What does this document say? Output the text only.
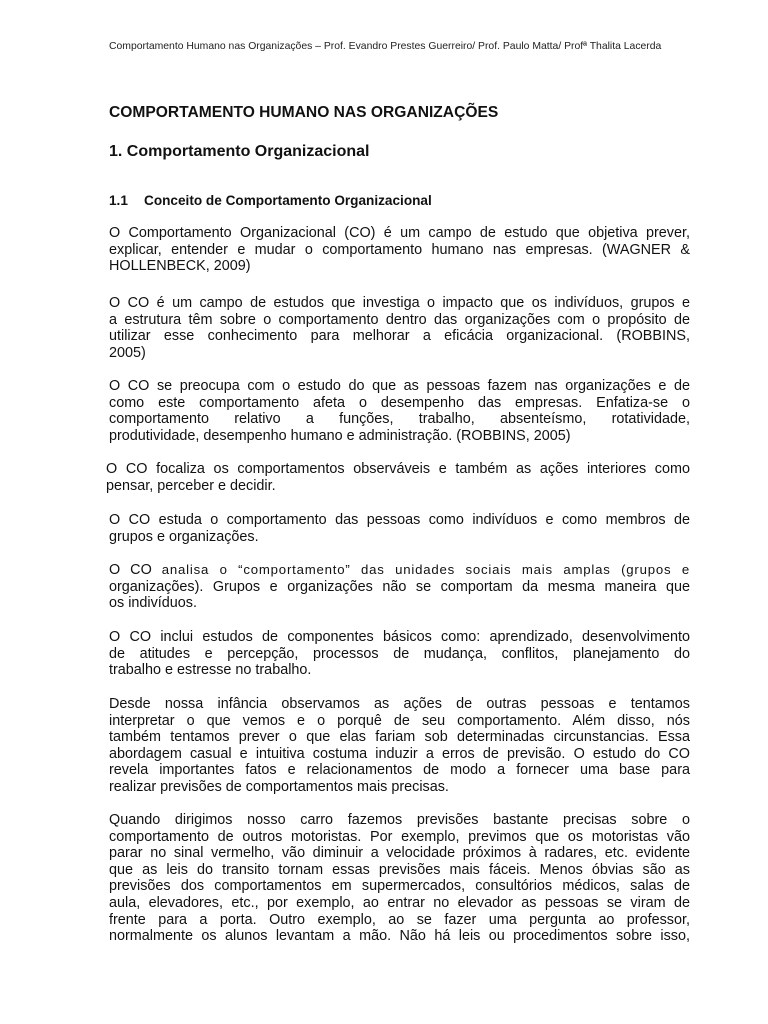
Comportamento Humano nas Organizações – Prof. Evandro Prestes Guerreiro/ Prof. Paulo Matta/ Profª Thalita Lacerda
COMPORTAMENTO HUMANO NAS ORGANIZAÇÕES
1. Comportamento Organizacional
1.1 Conceito de Comportamento Organizacional
O Comportamento Organizacional (CO) é um campo de estudo que objetiva prever,
explicar, entender e mudar o comportamento humano nas empresas. (WAGNER &
HOLLENBECK, 2009)
O CO é um campo de estudos que investiga o impacto que os indivíduos, grupos e
a estrutura têm sobre o comportamento dentro das organizações com o propósito de
utilizar esse conhecimento para melhorar a eficácia organizacional. (ROBBINS,
2005)
O CO se preocupa com o estudo do que as pessoas fazem nas organizações e de
como este comportamento afeta o desempenho das empresas. Enfatiza-se o
comportamento relativo a funções, trabalho, absenteísmo, rotatividade,
produtividade, desempenho humano e administração. (ROBBINS, 2005)
O CO focaliza os comportamentos observáveis e também as ações interiores como
pensar, perceber e decidir.
O CO estuda o comportamento das pessoas como indivíduos e como membros de
grupos e organizações.
O CO analisa o “comportamento” das unidades sociais mais amplas (grupos e
organizações). Grupos e organizações não se comportam da mesma maneira que
os indivíduos.
O CO inclui estudos de componentes básicos como: aprendizado, desenvolvimento
de atitudes e percepção, processos de mudança, conflitos, planejamento do
trabalho e estresse no trabalho.
Desde nossa infância observamos as ações de outras pessoas e tentamos
interpretar o que vemos e o porquê de seu comportamento. Além disso, nós
também tentamos prever o que elas fariam sob determinadas circunstancias. Essa
abordagem casual e intuitiva costuma induzir a erros de previsão. O estudo do CO
revela importantes fatos e relacionamentos de modo a fornecer uma base para
realizar previsões de comportamentos mais precisas.
Quando dirigimos nosso carro fazemos previsões bastante precisas sobre o
comportamento de outros motoristas. Por exemplo, previmos que os motoristas vão
parar no sinal vermelho, vão diminuir a velocidade próximos à radares, etc. evidente
que as leis do transito tornam essas previsões mais fáceis. Menos óbvias são as
previsões dos comportamentos em supermercados, consultórios médicos, salas de
aula, elevadores, etc., por exemplo, ao entrar no elevador as pessoas se viram de
frente para a porta. Outro exemplo, ao se fazer uma pergunta ao professor,
normalmente os alunos levantam a mão. Não há leis ou procedimentos sobre isso,
